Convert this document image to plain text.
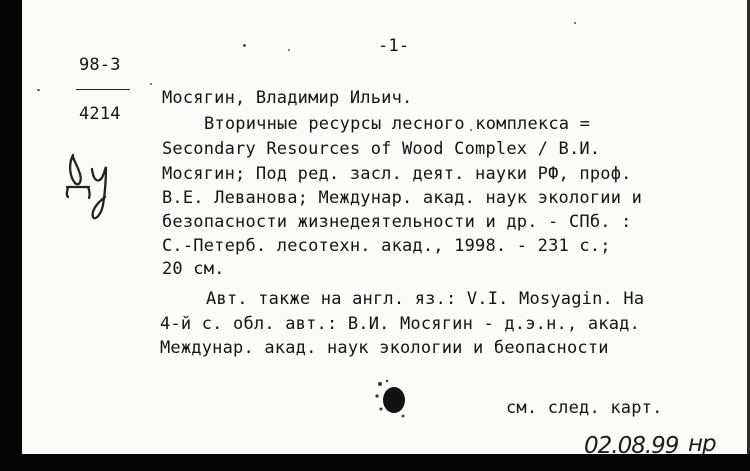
-1-
98-3
4214
Мосягин, Владимир Ильич.
Вторичные ресурсы лесного комплекса =
Secondary Resources of Wood Complex / В.И.
Мосягин; Под ред. засл. деят. науки РФ, проф.
В.Е. Леванова; Междунар. акад. наук экологии и
безопасности жизнедеятельности и др. - СПб. :
С.-Петерб. лесотехн. акад., 1998. - 231 с.;
20 см.
Авт. также на англ. яз.: V.I. Mosyagin. На
4-й с. обл. авт.: В.И. Мосягин - д.э.н., акад.
Междунар. акад. наук экологии и беопасности
см. след. карт.
02.08.99 нр
